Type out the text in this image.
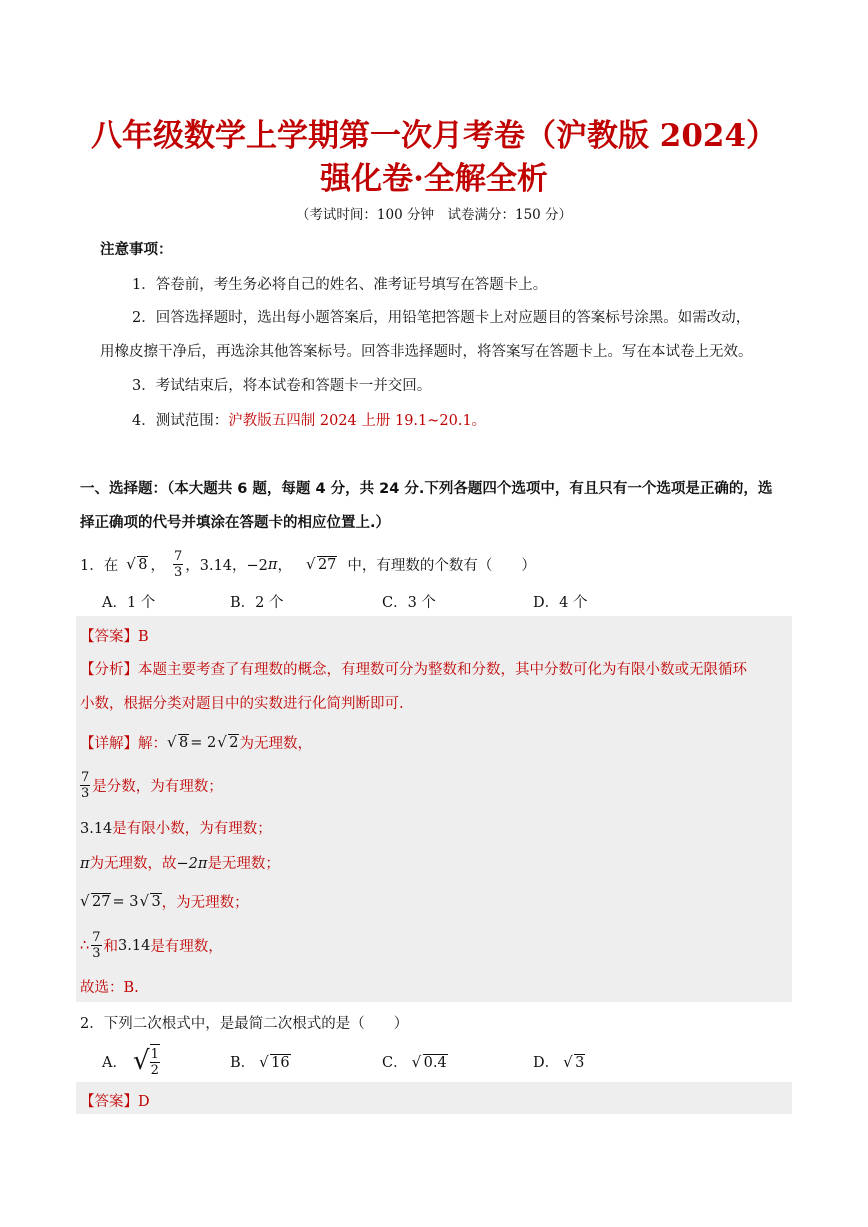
八年级数学上学期第一次月考卷（沪教版 2024）
强化卷·全解全析
（考试时间：100 分钟　试卷满分：150 分）
注意事项：
1．答卷前，考生务必将自己的姓名、准考证号填写在答题卡上。
2．回答选择题时，选出每小题答案后，用铅笔把答题卡上对应题目的答案标号涂黑。如需改动，
用橡皮擦干净后，再选涂其他答案标号。回答非选择题时，将答案写在答题卡上。写在本试卷上无效。
3．考试结束后，将本试卷和答题卡一并交回。
4．测试范围：沪教版五四制 2024 上册 19.1~20.1。
一、选择题：（本大题共 6 题，每题 4 分，共 24 分.下列各题四个选项中，有且只有一个选项是正确的，选
择正确项的代号并填涂在答题卡的相应位置上.）
1．在	√ 8 ， $\frac{7}{3}$ ，3.14，−2 π ，	√ 27 中，有理数的个数有（　　）
A．1 个	B．2 个	C．3 个	D．4 个
【答案】B
【分析】本题主要考查了有理数的概念，有理数可分为整数和分数，其中分数可化为有限小数或无限循环
小数，根据分类对题目中的实数进行化简判断即可.
【详解】 解： √ 8 = 2 √ 2 为无理数，
$\frac{7}{3}$ 是分数，为有理数；
3.14是有限小数，为有理数；
π为无理数，故−2π是无理数；
√ 27 = 3 √ 3 ，为无理数；
∴ $\frac{7}{3}$ 和 3.14 是有理数，
故选：B.
2．下列二次根式中，是最简二次根式的是（　　）
A． √ $\frac{1}{2}$	B． √ 16	C． √ 0.4	D． √ 3
【答案】D
